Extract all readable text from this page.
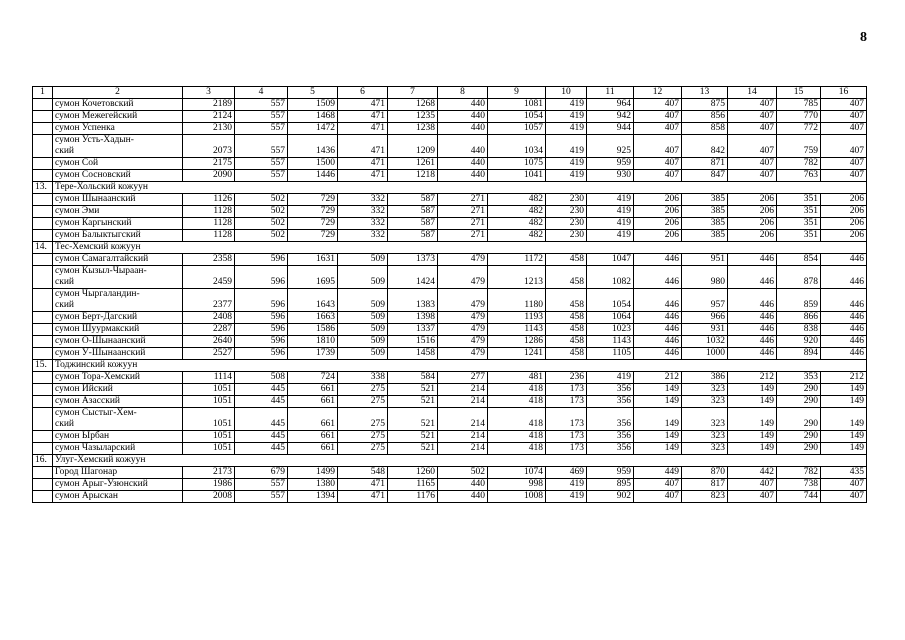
8
1	2	3	4	5	6	7	8	9	10	11	12	13	14	15	16
	сумон Кочетовский	2189	557	1509	471	1268	440	1081	419	964	407	875	407	785	407
	сумон Межегейский	2124	557	1468	471	1235	440	1054	419	942	407	856	407	770	407
	сумон Успенка	2130	557	1472	471	1238	440	1057	419	944	407	858	407	772	407
	сумон Усть-Хадын-
ский	2073	557	1436	471	1209	440	1034	419	925	407	842	407	759	407
	сумон Сой	2175	557	1500	471	1261	440	1075	419	959	407	871	407	782	407
	сумон Сосновский	2090	557	1446	471	1218	440	1041	419	930	407	847	407	763	407
13.	Тере-Хольский кожуун														
	сумон Шынаанский	1126	502	729	332	587	271	482	230	419	206	385	206	351	206
	сумон Эми	1128	502	729	332	587	271	482	230	419	206	385	206	351	206
	сумон Каргынский	1128	502	729	332	587	271	482	230	419	206	385	206	351	206
	сумон Балыктыгский	1128	502	729	332	587	271	482	230	419	206	385	206	351	206
14.	Тес-Хемский кожуун														
	сумон Самагалтайский	2358	596	1631	509	1373	479	1172	458	1047	446	951	446	854	446
	сумон Кызыл-Чыраан-
ский	2459	596	1695	509	1424	479	1213	458	1082	446	980	446	878	446
	сумон Чыргаландин-
ский	2377	596	1643	509	1383	479	1180	458	1054	446	957	446	859	446
	сумон Берт-Дагский	2408	596	1663	509	1398	479	1193	458	1064	446	966	446	866	446
	сумон Шуурмакский	2287	596	1586	509	1337	479	1143	458	1023	446	931	446	838	446
	сумон О-Шынаанский	2640	596	1810	509	1516	479	1286	458	1143	446	1032	446	920	446
	сумон У-Шынаанский	2527	596	1739	509	1458	479	1241	458	1105	446	1000	446	894	446
15.	Тоджинский кожуун														
	сумон Тора-Хемский	1114	508	724	338	584	277	481	236	419	212	386	212	353	212
	сумон Ийский	1051	445	661	275	521	214	418	173	356	149	323	149	290	149
	сумон Азасский	1051	445	661	275	521	214	418	173	356	149	323	149	290	149
	сумон Сыстыг-Хем-
ский	1051	445	661	275	521	214	418	173	356	149	323	149	290	149
	сумон Ырбан	1051	445	661	275	521	214	418	173	356	149	323	149	290	149
	сумон Чазыларский	1051	445	661	275	521	214	418	173	356	149	323	149	290	149
16.	Улуг-Хемский кожуун														
	Город Шагонар	2173	679	1499	548	1260	502	1074	469	959	449	870	442	782	435
	сумон Арыг-Узюнский	1986	557	1380	471	1165	440	998	419	895	407	817	407	738	407
	сумон Арыскан	2008	557	1394	471	1176	440	1008	419	902	407	823	407	744	407
